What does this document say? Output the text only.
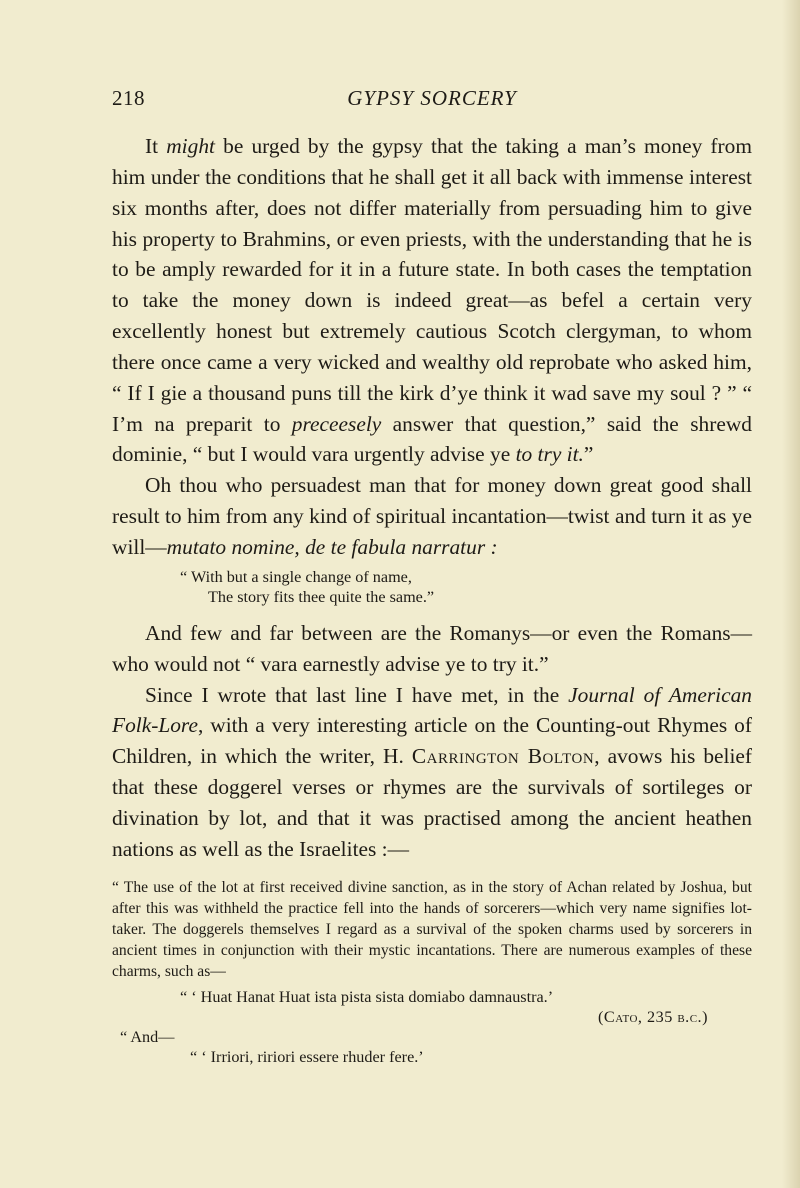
218	GYPSY SORCERY

It might be urged by the gypsy that the taking a man’s money from him under the conditions that he shall get it all back with immense interest six months after, does not differ materially from persuading him to give his property to Brahmins, or even priests, with the understanding that he is to be amply rewarded for it in a future state. In both cases the temptation to take the money down is indeed great—as befel a certain very excellently honest but extremely cautious Scotch clergyman, to whom there once came a very wicked and wealthy old reprobate who asked him, “ If I gie a thousand puns till the kirk d’ye think it wad save my soul ? ” “ I’m na preparit to preceesely answer that question,” said the shrewd dominie, “ but I would vara urgently advise ye to try it.”

Oh thou who persuadest man that for money down great good shall result to him from any kind of spiritual incantation—twist and turn it as ye will—mutato nomine, de te fabula narratur :

“ With but a single change of name,
The story fits thee quite the same.”

And few and far between are the Romanys—or even the Romans—who would not “ vara earnestly advise ye to try it.”

Since I wrote that last line I have met, in the Journal of American Folk-Lore, with a very interesting article on the Counting-out Rhymes of Children, in which the writer, H. Carrington Bolton, avows his belief that these doggerel verses or rhymes are the survivals of sortileges or divination by lot, and that it was practised among the ancient heathen nations as well as the Israelites :—

“ The use of the lot at first received divine sanction, as in the story of Achan related by Joshua, but after this was withheld the practice fell into the hands of sorcerers—which very name signifies lot-taker. The doggerels themselves I regard as a survival of the spoken charms used by sorcerers in ancient times in conjunction with their mystic incantations. There are numerous examples of these charms, such as—

“ ‘ Huat Hanat Huat ista pista sista domiabo damnaustra.’
(Cato, 235 b.c.)
“ And—
“ ‘ Irriori, ririori essere rhuder fere.’
